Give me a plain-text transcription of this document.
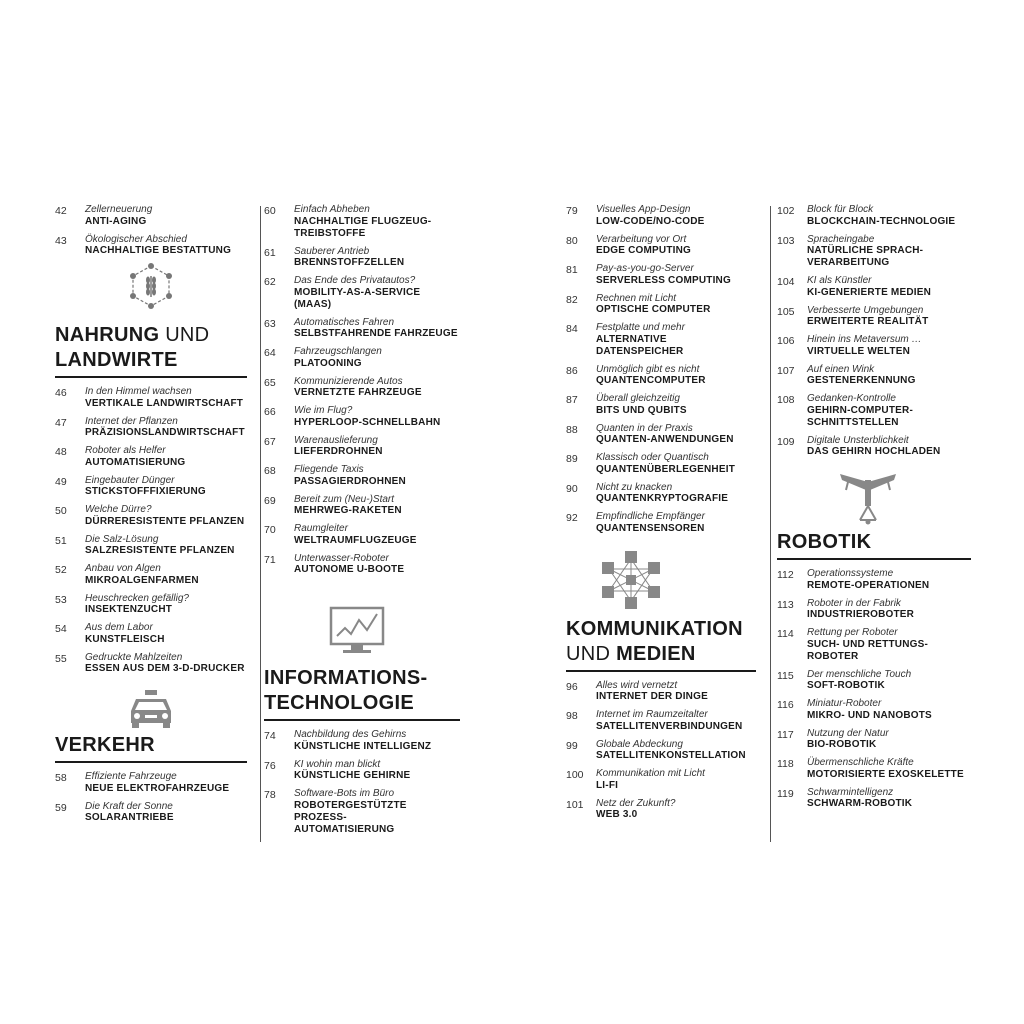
42	Zellerneuerung
ANTI-AGING
43	Ökologischer Abschied
NACHHALTIGE BESTATTUNG
NAHRUNG UND
LANDWIRTE
46	In den Himmel wachsen
VERTIKALE LANDWIRTSCHAFT
47	Internet der Pflanzen
PRÄZISIONSLANDWIRTSCHAFT
48	Roboter als Helfer
AUTOMATISIERUNG
49	Eingebauter Dünger
STICKSTOFFFIXIERUNG
50	Welche Dürre?
DÜRRERESISTENTE PFLANZEN
51	Die Salz-Lösung
SALZRESISTENTE PFLANZEN
52	Anbau von Algen
MIKROALGENFARMEN
53	Heuschrecken gefällig?
INSEKTENZUCHT
54	Aus dem Labor
KUNSTFLEISCH
55	Gedruckte Mahlzeiten
ESSEN AUS DEM 3-D-DRUCKER
VERKEHR
58	Effiziente Fahrzeuge
NEUE ELEKTROFAHRZEUGE
59	Die Kraft der Sonne
SOLARANTRIEBE
60	Einfach Abheben
NACHHALTIGE FLUGZEUG-
TREIBSTOFFE
61	Sauberer Antrieb
BRENNSTOFFZELLEN
62	Das Ende des Privatautos?
MOBILITY-AS-A-SERVICE
(MAAS)
63	Automatisches Fahren
SELBSTFAHRENDE FAHRZEUGE
64	Fahrzeugschlangen
PLATOONING
65	Kommunizierende Autos
VERNETZTE FAHRZEUGE
66	Wie im Flug?
HYPERLOOP-SCHNELLBAHN
67	Warenauslieferung
LIEFERDROHNEN
68	Fliegende Taxis
PASSAGIERDROHNEN
69	Bereit zum (Neu-)Start
MEHRWEG-RAKETEN
70	Raumgleiter
WELTRAUMFLUGZEUGE
71	Unterwasser-Roboter
AUTONOME U-BOOTE
INFORMATIONS-
TECHNOLOGIE
74	Nachbildung des Gehirns
KÜNSTLICHE INTELLIGENZ
76	KI wohin man blickt
KÜNSTLICHE GEHIRNE
78	Software-Bots im Büro
ROBOTERGESTÜTZTE PROZESS-
AUTOMATISIERUNG
79	Visuelles App-Design
LOW-CODE/NO-CODE
80	Verarbeitung vor Ort
EDGE COMPUTING
81	Pay-as-you-go-Server
SERVERLESS COMPUTING
82	Rechnen mit Licht
OPTISCHE COMPUTER
84	Festplatte und mehr
ALTERNATIVE DATENSPEICHER
86	Unmöglich gibt es nicht
QUANTENCOMPUTER
87	Überall gleichzeitig
BITS UND QUBITS
88	Quanten in der Praxis
QUANTEN-ANWENDUNGEN
89	Klassisch oder Quantisch
QUANTENÜBERLEGENHEIT
90	Nicht zu knacken
QUANTENKRYPTOGRAFIE
92	Empfindliche Empfänger
QUANTENSENSOREN
KOMMUNIKATION
UND MEDIEN
96	Alles wird vernetzt
INTERNET DER DINGE
98	Internet im Raumzeitalter
SATELLITENVERBINDUNGEN
99	Globale Abdeckung
SATELLITENKONSTELLATION
100	Kommunikation mit Licht
LI-FI
101	Netz der Zukunft?
WEB 3.0
102	Block für Block
BLOCKCHAIN-TECHNOLOGIE
103	Spracheingabe
NATÜRLICHE SPRACH-
VERARBEITUNG
104	KI als Künstler
KI-GENERIERTE MEDIEN
105	Verbesserte Umgebungen
ERWEITERTE REALITÄT
106	Hinein ins Metaversum …
VIRTUELLE WELTEN
107	Auf einen Wink
GESTENERKENNUNG
108	Gedanken-Kontrolle
GEHIRN-COMPUTER-
SCHNITTSTELLEN
109	Digitale Unsterblichkeit
DAS GEHIRN HOCHLADEN
ROBOTIK
112	Operationssysteme
REMOTE-OPERATIONEN
113	Roboter in der Fabrik
INDUSTRIEROBOTER
114	Rettung per Roboter
SUCH- UND RETTUNGS-
ROBOTER
115	Der menschliche Touch
SOFT-ROBOTIK
116	Miniatur-Roboter
MIKRO- UND NANOBOTS
117	Nutzung der Natur
BIO-ROBOTIK
118	Übermenschliche Kräfte
MOTORISIERTE EXOSKELETTE
119	Schwarmintelligenz
SCHWARM-ROBOTIK
